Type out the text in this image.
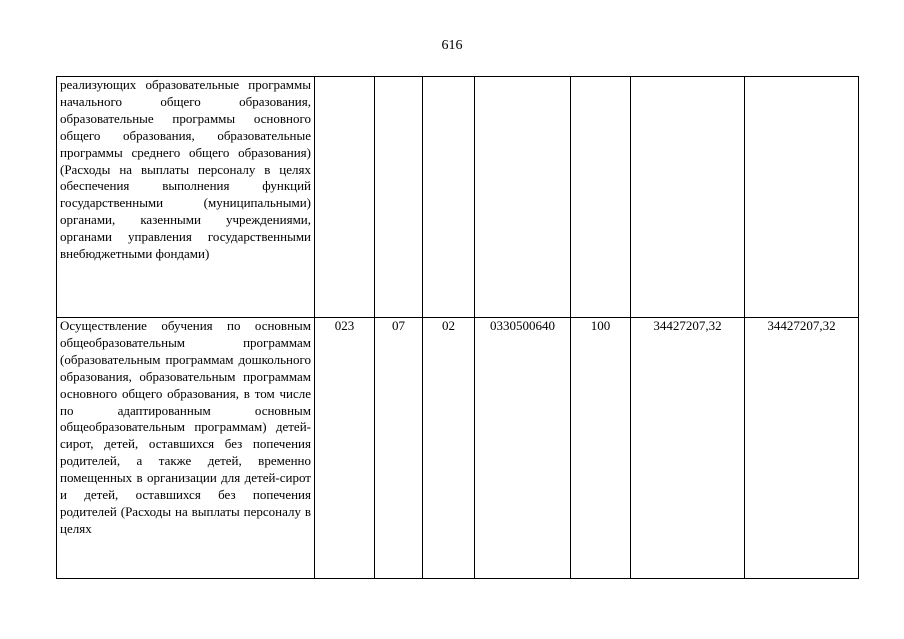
616
реализующих образовательные программы начального общего образования, образовательные программы основного общего образования, образовательные программы среднего общего образования) (Расходы на выплаты персоналу в целях обеспечения выполнения функций государственными (муниципальными) органами, казенными учреждениями, органами управления государственными внебюджетными фондами)							
Осуществление обучения по основным общеобразовательным программам (образовательным программам дошкольного образования, образовательным программам основного общего образования, в том числе по адаптированным основным общеобразовательным программам) детей-сирот, детей, оставшихся без попечения родителей, а также детей, временно помещенных в организации для детей-сирот и детей, оставшихся без попечения родителей (Расходы на выплаты персоналу в целях	023	07	02	0330500640	100	34427207,32	34427207,32
